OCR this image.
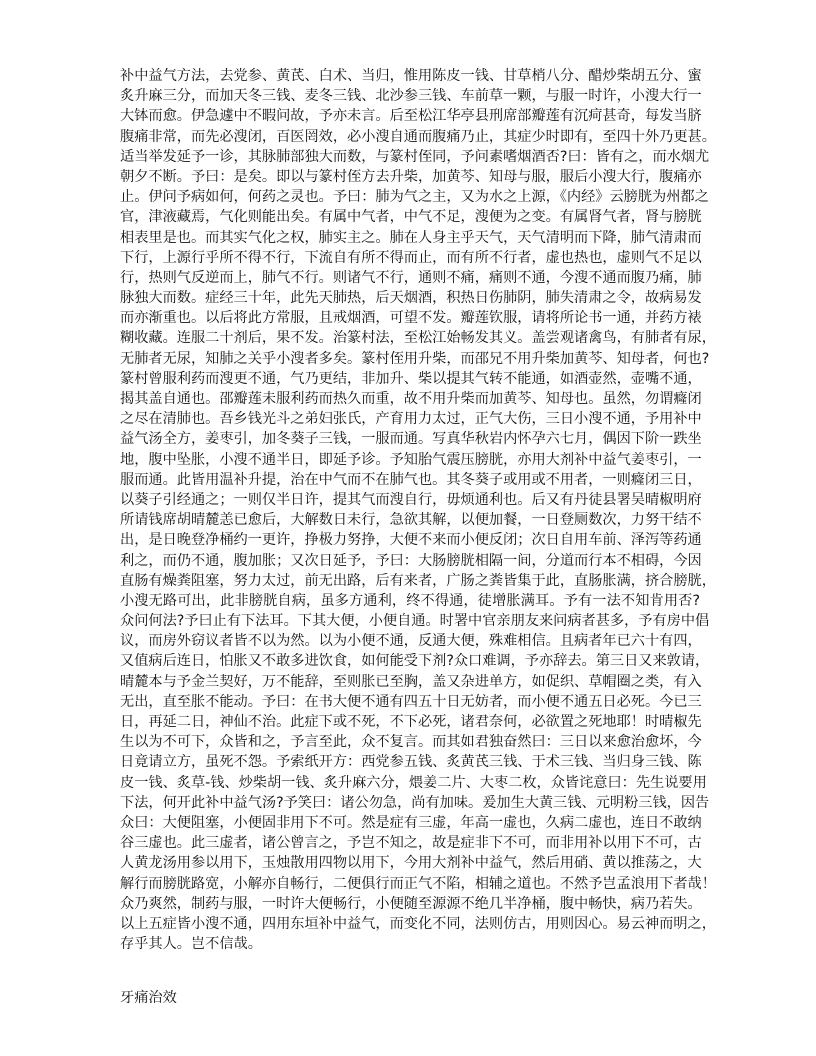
补中益气方法，去党参、黄芪、白术、当归，惟用陈皮一钱、甘草梢八分、醋炒柴胡五分、蜜
炙升麻三分，而加天冬三钱、麦冬三钱、北沙参三钱、车前草一颗，与服一时许，小溲大行一
大钵而愈。伊急遽中不暇问故，予亦未言。后至松江华亭县刑席部瓣莲有沉疴甚奇，每发当脐
腹痛非常，而先必溲闭，百医罔效，必小溲自通而腹痛乃止，其症少时即有，至四十外乃更甚。
适当举发延予一诊，其脉肺部独大而数，与篆村侄同，予问素嗜烟酒否?曰：皆有之，而水烟尤
朝夕不断。予曰：是矣。即以与篆村侄方去升柴，加黄芩、知母与服，服后小溲大行，腹痛亦
止。伊问予病如何，何药之灵也。予曰：肺为气之主，又为水之上源，《内经》云膀胱为州都之
官，津液藏焉，气化则能出矣。有属中气者，中气不足，溲便为之变。有属肾气者，肾与膀胱
相表里是也。而其实气化之权，肺实主之。肺在人身主乎天气，天气清明而下降，肺气清肃而
下行，上源行乎所不得不行，下流自有所不得而止，而有所不行者，虚也热也，虚则气不足以
行，热则气反逆而上，肺气不行。则诸气不行，通则不痛，痛则不通，今溲不通而腹乃痛，肺
脉独大而数。症经三十年，此先天肺热，后天烟酒，积热日伤肺阴，肺失清肃之令，故病易发
而亦渐重也。以后将此方常服，且戒烟酒，可望不发。瓣莲钦服，请将所论书一通，并药方裱
糊收藏。连服二十剂后，果不发。治篆村法，至松江始畅发其义。盖尝观诸禽鸟，有肺者有尿，
无肺者无尿，知肺之关乎小溲者多矣。篆村侄用升柴，而邵兄不用升柴加黄芩、知母者，何也?
篆村曾服利药而溲更不通，气乃更结，非加升、柴以提其气转不能通，如酒壶然，壶嘴不通，
揭其盖自通也。邵瓣莲未服利药而热久而重，故不用升柴而加黄芩、知母也。虽然，勿谓癃闭
之尽在清肺也。吾乡钱光斗之弟妇张氏，产育用力太过，正气大伤，三日小溲不通，予用补中
益气汤全方，姜枣引，加冬葵子三钱，一服而通。写真华秋岩内怀孕六七月，偶因下阶一跌坐
地，腹中坠胀，小溲不通半日，即延予诊。予知胎气震压膀胱，亦用大剂补中益气姜枣引，一
服而通。此皆用温补升提，治在中气而不在肺气也。其冬葵子或用或不用者，一则癃闭三日，
以葵子引经通之；一则仅半日许，提其气而溲自行，毋烦通利也。后又有丹徒县署吴晴椒明府
所请钱席胡晴麓恙已愈后，大解数日未行，急欲其解，以便加餐，一日登厕数次，力努干结不
出，是日晚登净桶约一更许，挣极力努挣，大便不来而小便反闭；次日自用车前、泽泻等药通
利之，而仍不通，腹加胀；又次日延予，予曰：大肠膀胱相隔一间，分道而行本不相碍，今因
直肠有燥粪阻塞，努力太过，前无出路，后有来者，广肠之粪皆集于此，直肠胀满，挤合膀胱，
小溲无路可出，此非膀胱自病，虽多方通利，终不得通，徒增胀满耳。予有一法不知肯用否?
众问何法?予曰止有下法耳。下其大便，小便自通。时署中官亲朋友来问病者甚多，予有房中倡
议，而房外窃议者皆不以为然。以为小便不通，反通大便，殊难相信。且病者年已六十有四，
又值病后连日，怕胀又不敢多进饮食，如何能受下剂?众口难调，予亦辞去。第三日又来敦请，
晴麓本与予金兰契好，万不能辞，至则胀已至胸，盖又杂进单方，如促织、草帽圈之类，有入
无出，直至胀不能动。予曰：在书大便不通有四五十日无妨者，而小便不通五日必死。今已三
日，再延二日，神仙不治。此症下或不死，不下必死，诸君奈何，必欲置之死地耶！时晴椒先
生以为不可下，众皆和之，予言至此，众不复言。而其如君独奋然曰：三日以来愈治愈坏，今
日竟请立方，虽死不怨。予索纸开方：西党参五钱、炙黄芪三钱、于术三钱、当归身三钱、陈
皮一钱、炙草-钱、炒柴胡一钱、炙升麻六分，煨姜二片、大枣二枚，众皆诧意曰：先生说要用
下法，何开此补中益气汤?予笑曰：诸公勿急，尚有加味。爰加生大黄三钱、元明粉三钱，因告
众曰：大便阻塞，小便固非用下不可。然是症有三虚，年高一虚也，久病二虚也，连日不敢纳
谷三虚也。此三虚者，诸公曾言之，予岂不知之，故是症非下不可，而非用补以用下不可，古
人黄龙汤用参以用下，玉烛散用四物以用下，今用大剂补中益气，然后用硝、黄以推荡之，大
解行而膀胱路宽，小解亦自畅行，二便俱行而正气不陷，相辅之道也。不然予岂孟浪用下者哉！
众乃爽然，制药与服，一时许大便畅行，小便随至源源不绝几半净桶，腹中畅快，病乃若失。
以上五症皆小溲不通，四用东垣补中益气，而变化不同，法则仿古，用则因心。易云神而明之，
存乎其人。岂不信哉。
牙痛治效
